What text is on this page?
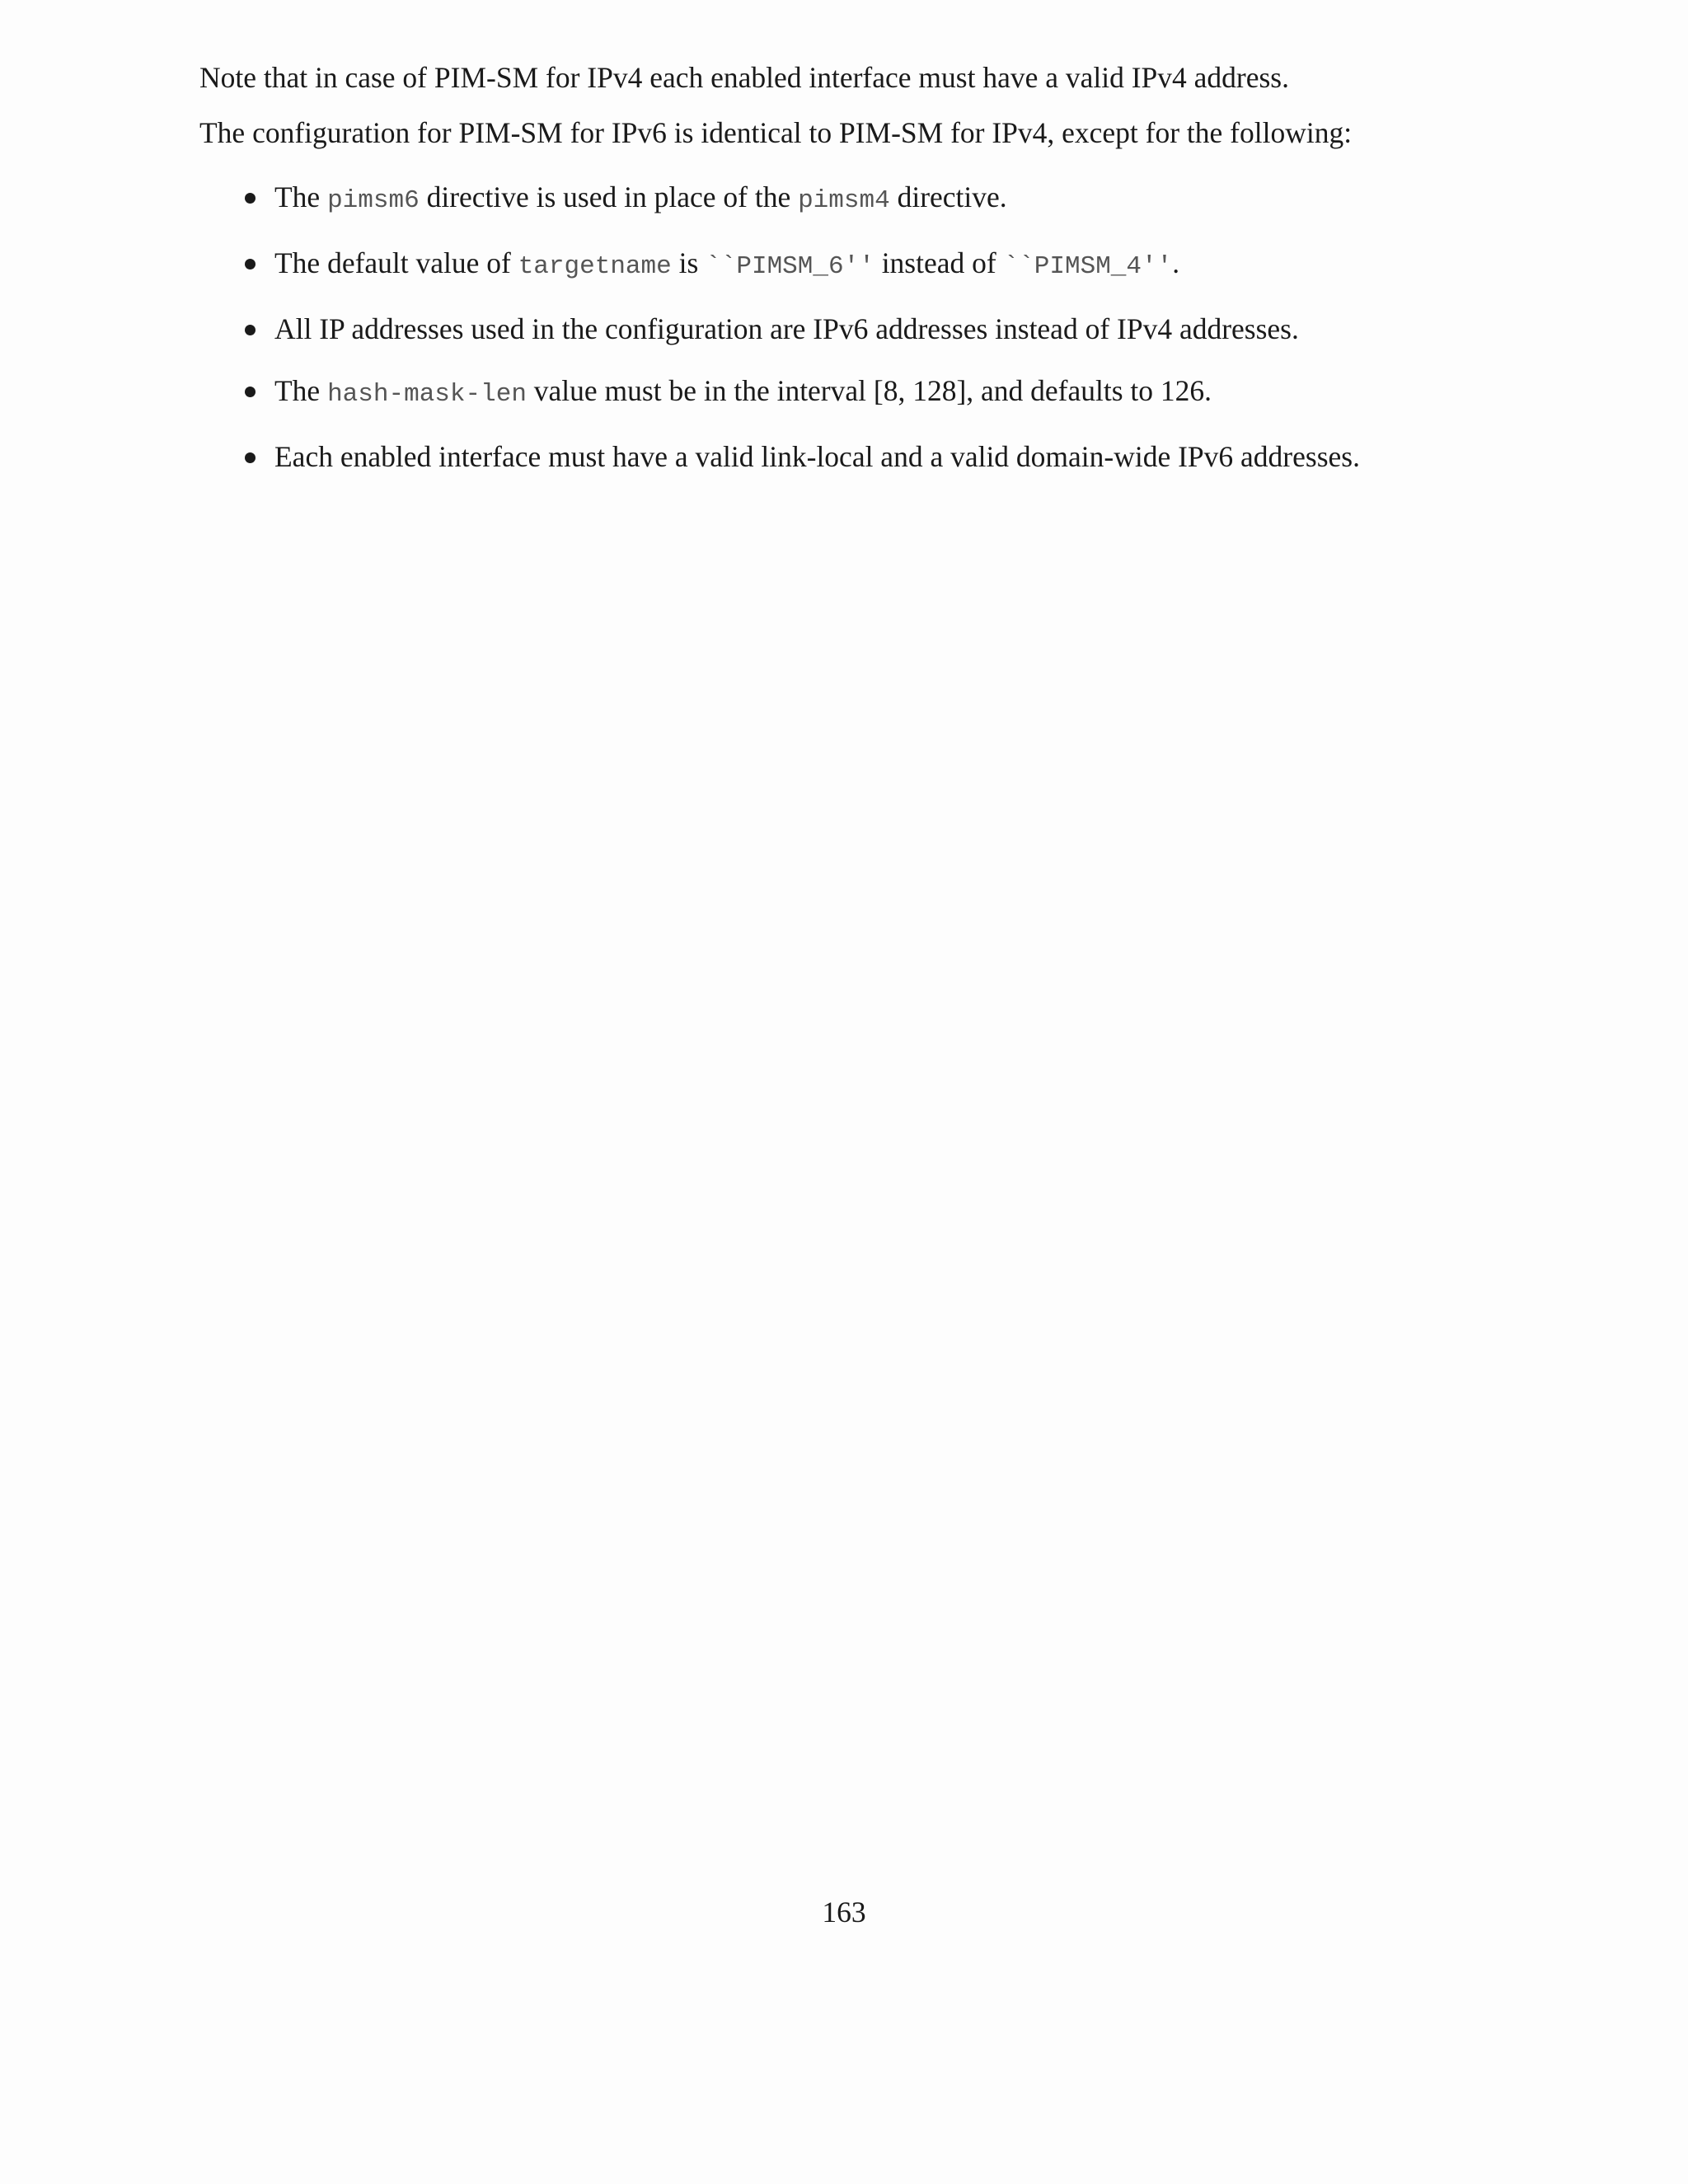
Note that in case of PIM-SM for IPv4 each enabled interface must have a valid IPv4 address.

The configuration for PIM-SM for IPv6 is identical to PIM-SM for IPv4, except for the following:

The pimsm6 directive is used in place of the pimsm4 directive.
The default value of targetname is ``PIMSM_6'' instead of ``PIMSM_4''.
All IP addresses used in the configuration are IPv6 addresses instead of IPv4 addresses.
The hash-mask-len value must be in the interval [8, 128], and defaults to 126.
Each enabled interface must have a valid link-local and a valid domain-wide IPv6 addresses.
163
